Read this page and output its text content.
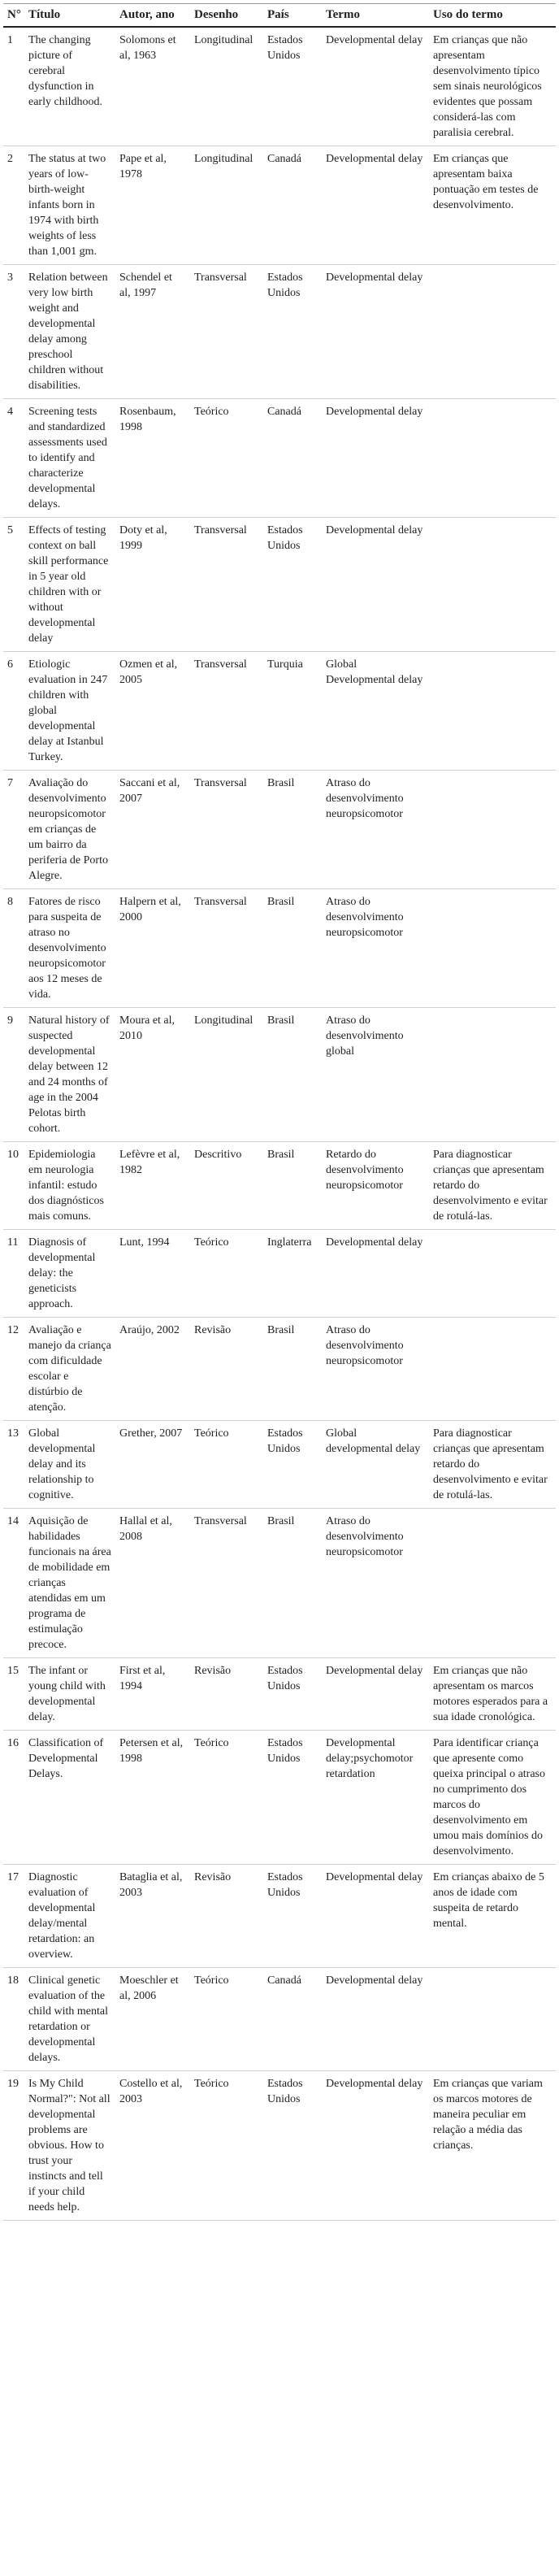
N°	Título	Autor, ano	Desenho	País	Termo	Uso do termo
1	The changing picture of cerebral dysfunction in early childhood.	Solomons et al, 1963	Longitudinal	Estados Unidos	Developmental delay	Em crianças que não apresentam desenvolvimento típico sem sinais neurológicos evidentes que possam considerá-las com paralisia cerebral.
2	The status at two years of low-birth-weight infants born in 1974 with birth weights of less than 1,001 gm.	Pape et al, 1978	Longitudinal	Canadá	Developmental delay	Em crianças que apresentam baixa pontuação em testes de desenvolvimento.
3	Relation between very low birth weight and developmental delay among preschool children without disabilities.	Schendel et al, 1997	Transversal	Estados Unidos	Developmental delay	
4	Screening tests and standardized assessments used to identify and characterize developmental delays.	Rosenbaum, 1998	Teórico	Canadá	Developmental delay	
5	Effects of testing context on ball skill performance in 5 year old children with or without developmental delay	Doty et al, 1999	Transversal	Estados Unidos	Developmental delay	
6	Etiologic evaluation in 247 children with global developmental delay at Istanbul Turkey.	Ozmen et al, 2005	Transversal	Turquia	Global Developmental delay	
7	Avaliação do desenvolvimento neuropsicomotor em crianças de um bairro da periferia de Porto Alegre.	Saccani et al, 2007	Transversal	Brasil	Atraso do desenvolvimento neuropsicomotor	
8	Fatores de risco para suspeita de atraso no desenvolvimento neuropsicomotor aos 12 meses de vida.	Halpern et al, 2000	Transversal	Brasil	Atraso do desenvolvimento neuropsicomotor	
9	Natural history of suspected developmental delay between 12 and 24 months of age in the 2004 Pelotas birth cohort.	Moura et al, 2010	Longitudinal	Brasil	Atraso do desenvolvimento global	
10	Epidemiologia em neurologia infantil: estudo dos diagnósticos mais comuns.	Lefèvre et al, 1982	Descritivo	Brasil	Retardo do desenvolvimento neuropsicomotor	Para diagnosticar crianças que apresentam retardo do desenvolvimento e evitar de rotulá-las.
11	Diagnosis of developmental delay: the geneticists approach.	Lunt, 1994	Teórico	Inglaterra	Developmental delay	
12	Avaliação e manejo da criança com dificuldade escolar e distúrbio de atenção.	Araújo, 2002	Revisão	Brasil	Atraso do desenvolvimento neuropsicomotor	
13	Global developmental delay and its relationship to cognitive.	Grether, 2007	Teórico	Estados Unidos	Global developmental delay	Para diagnosticar crianças que apresentam retardo do desenvolvimento e evitar de rotulá-las.
14	Aquisição de habilidades funcionais na área de mobilidade em crianças atendidas em um programa de estimulação precoce.	Hallal et al, 2008	Transversal	Brasil	Atraso do desenvolvimento neuropsicomotor	
15	The infant or young child with developmental delay.	First et al, 1994	Revisão	Estados Unidos	Developmental delay	Em crianças que não apresentam os marcos motores esperados para a sua idade cronológica.
16	Classification of Developmental Delays.	Petersen et al, 1998	Teórico	Estados Unidos	Developmental delay;psychomotor retardation	Para identificar criança que apresente como queixa principal o atraso no cumprimento dos marcos do desenvolvimento em umou mais domínios do desenvolvimento.
17	Diagnostic evaluation of developmental delay/mental retardation: an overview.	Bataglia et al, 2003	Revisão	Estados Unidos	Developmental delay	Em crianças abaixo de 5 anos de idade com suspeita de retardo mental.
18	Clinical genetic evaluation of the child with mental retardation or developmental delays.	Moeschler et al, 2006	Teórico	Canadá	Developmental delay	
19	Is My Child Normal?": Not all developmental problems are obvious. How to trust your instincts and tell if your child needs help.	Costello et al, 2003	Teórico	Estados Unidos	Developmental delay	Em crianças que variam os marcos motores de maneira peculiar em relação a média das crianças.
